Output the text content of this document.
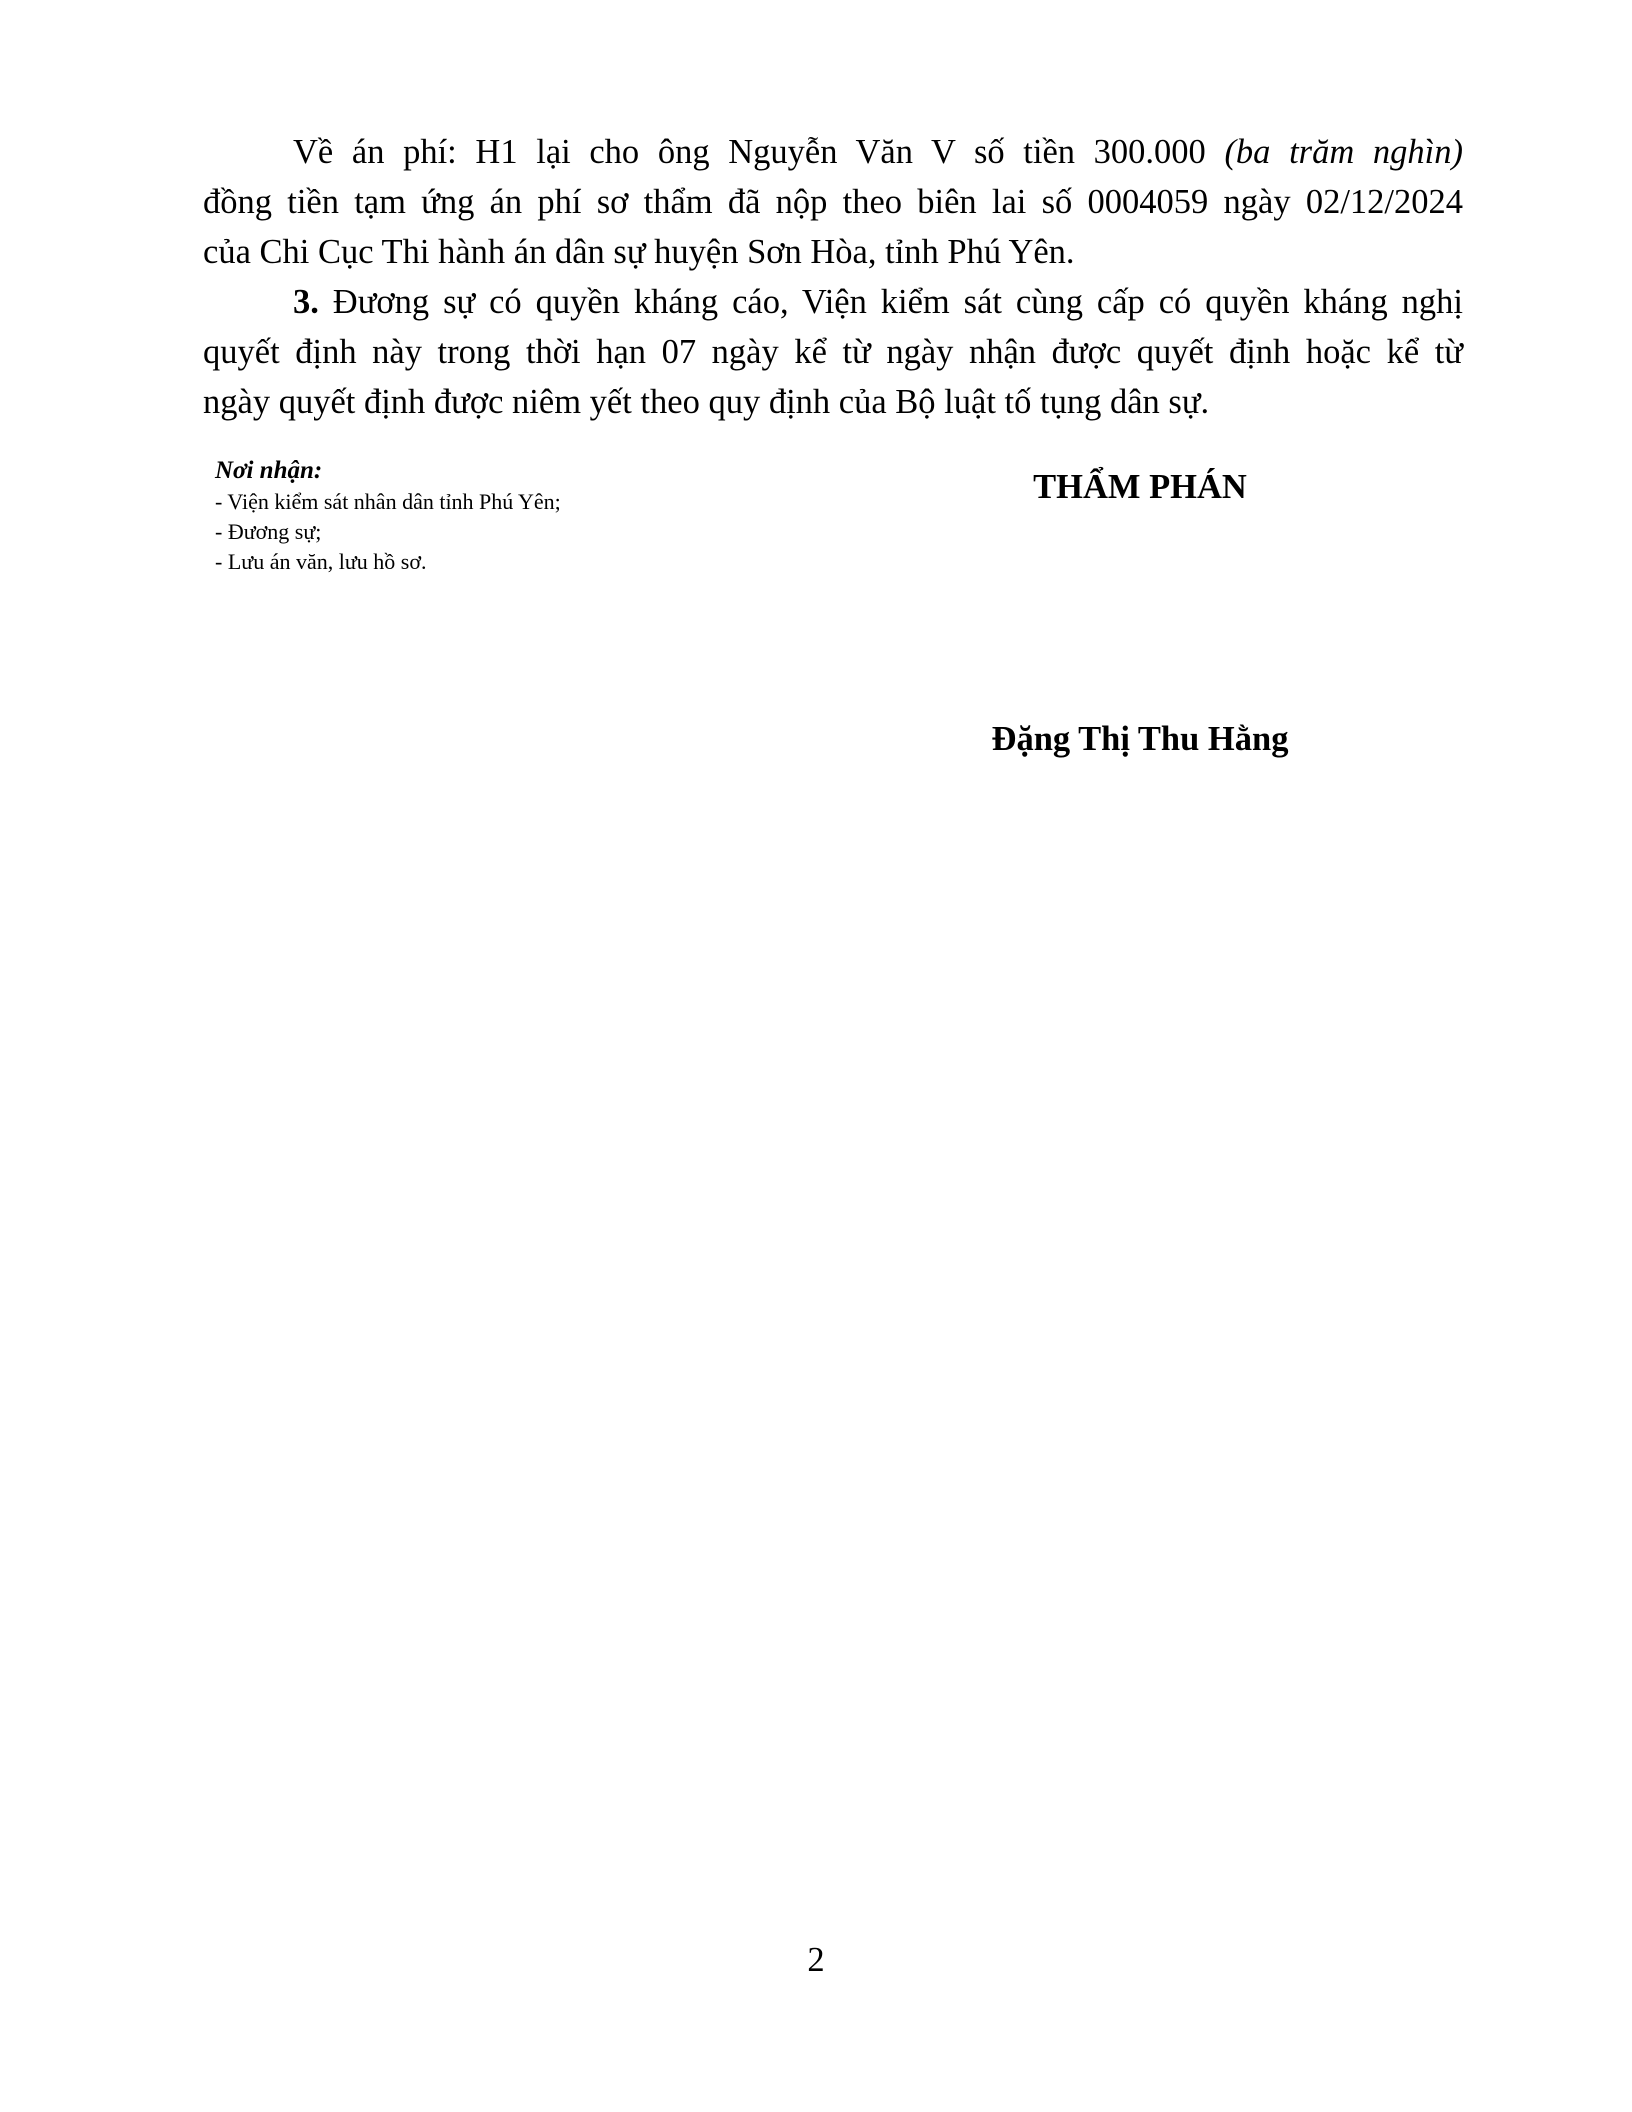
Về án phí: H1 lại cho ông Nguyễn Văn V số tiền 300.000 (ba trăm nghìn)
đồng tiền tạm ứng án phí sơ thẩm đã nộp theo biên lai số 0004059 ngày 02/12/2024
của Chi Cục Thi hành án dân sự huyện Sơn Hòa, tỉnh Phú Yên.
3. Đương sự có quyền kháng cáo, Viện kiểm sát cùng cấp có quyền kháng nghị
quyết định này trong thời hạn 07 ngày kể từ ngày nhận được quyết định hoặc kể từ
ngày quyết định được niêm yết theo quy định của Bộ luật tố tụng dân sự.
Nơi nhận:
- Viện kiểm sát nhân dân tỉnh Phú Yên;
- Đương sự;
- Lưu án văn, lưu hồ sơ.
THẨM PHÁN
Đặng Thị Thu Hằng
2
